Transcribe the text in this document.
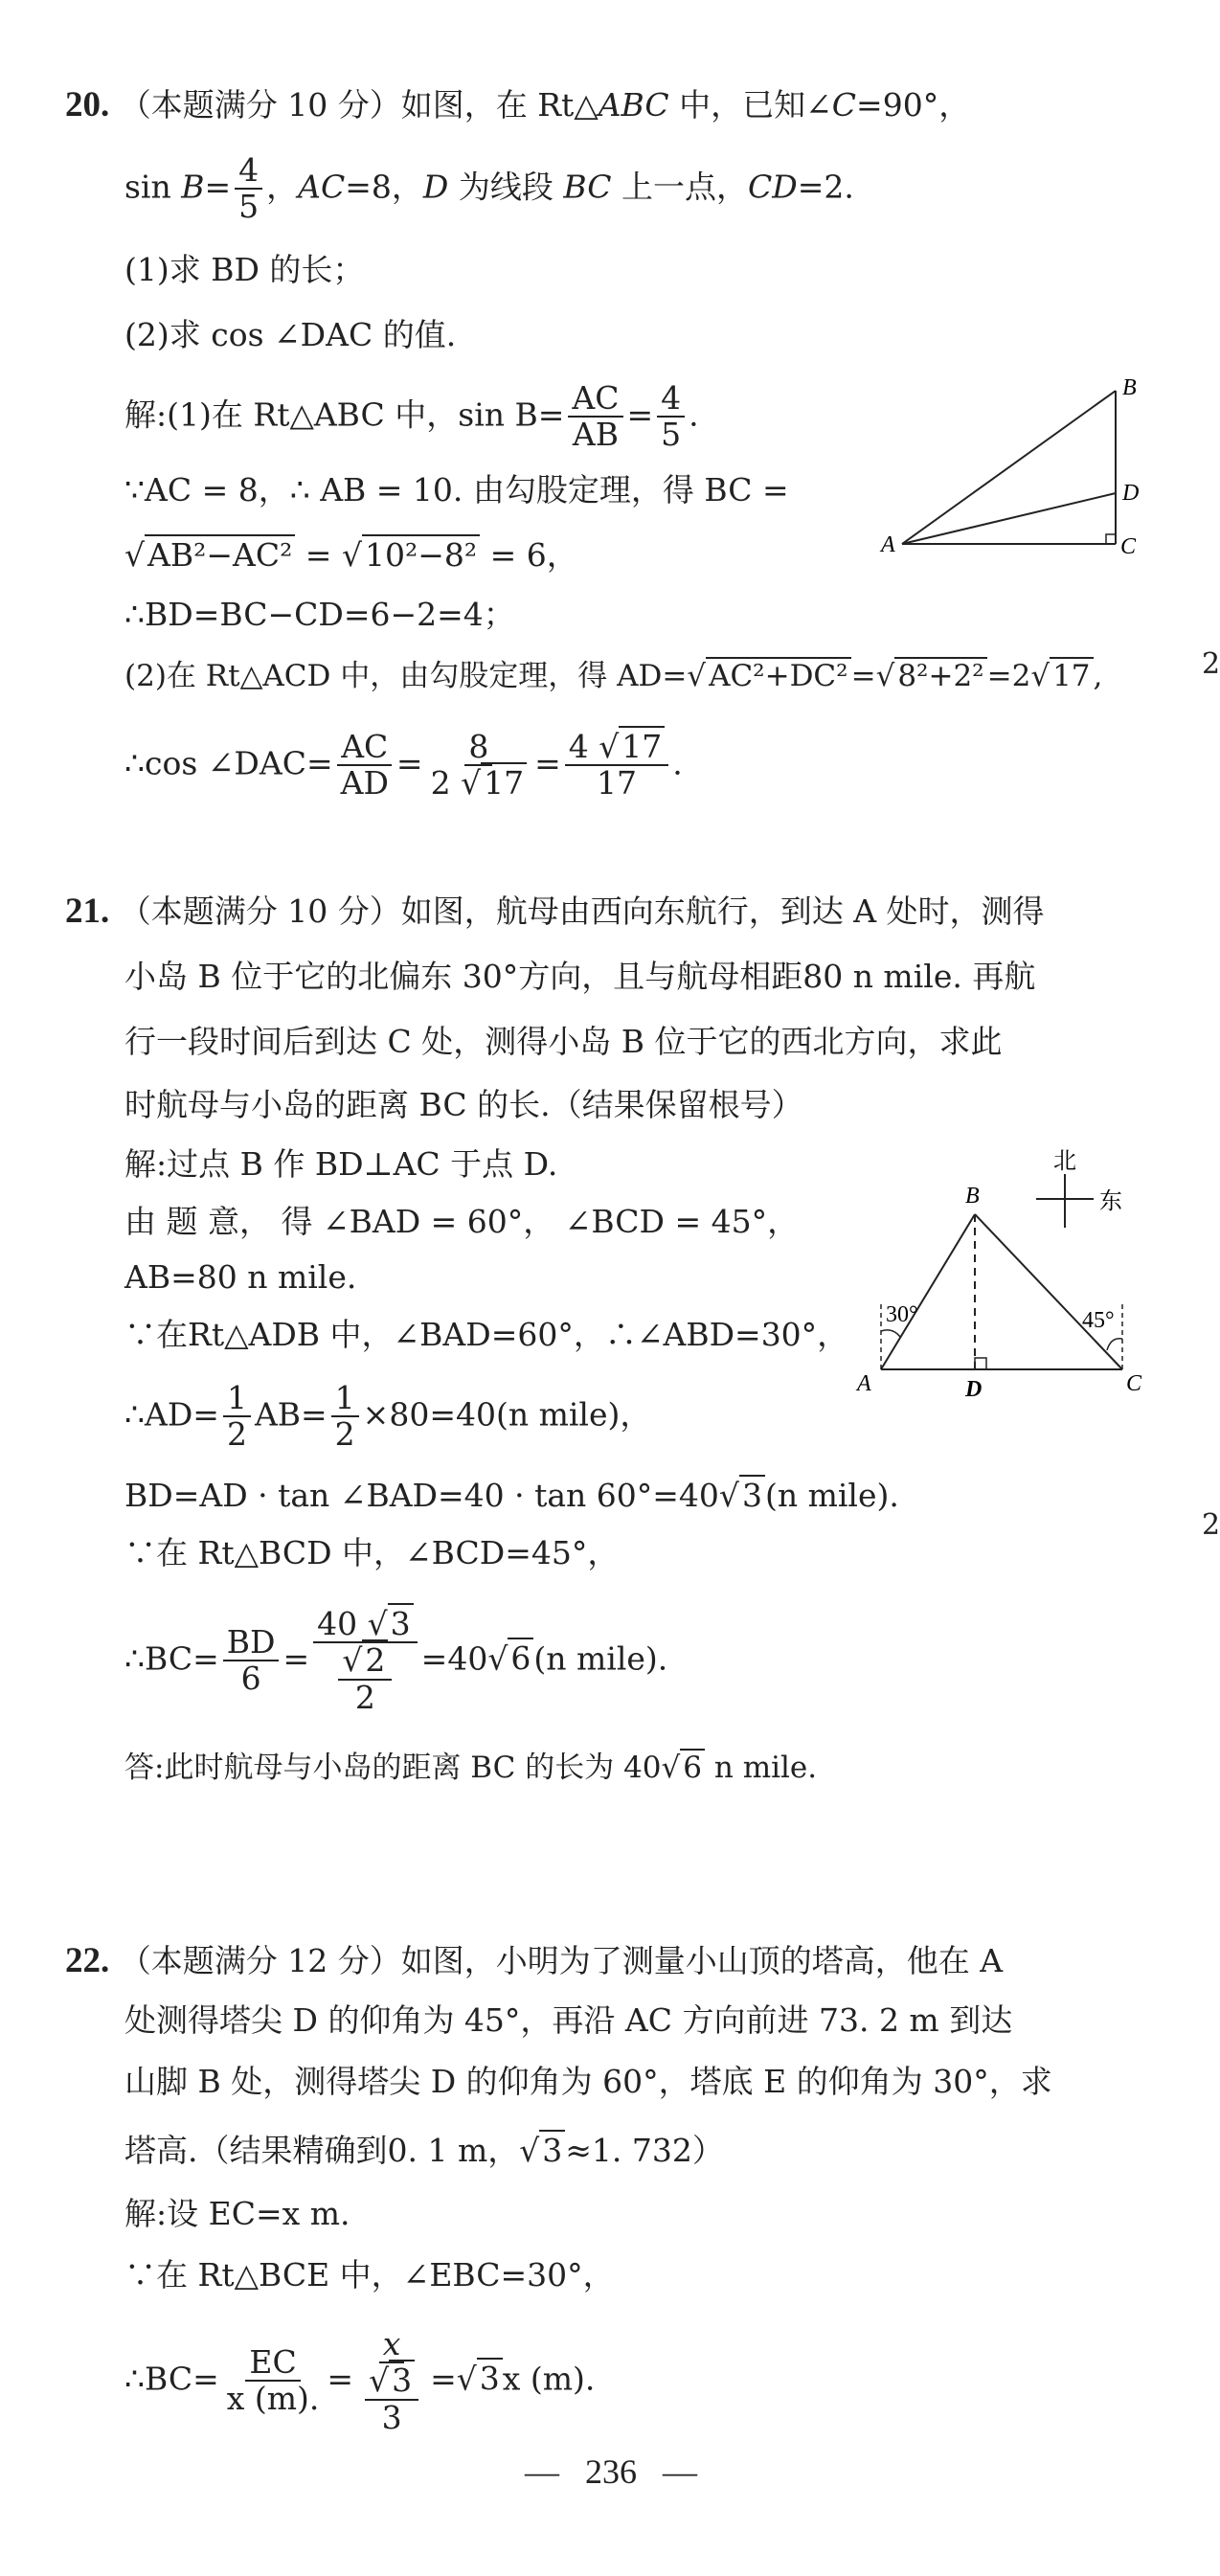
20. （本题满分 10 分）如图，在 Rt△ABC 中，已知∠C=90°，
$\sin B= \frac{4}{5}$ ，AC=8，D 为线段 BC 上一点，CD=2.
(1)求 BD 的长；
(2)求 cos ∠DAC 的值.
解:(1)在 Rt△ABC 中，$\sin B= \frac{AC}{AB} = \frac{4}{5}$ .
∵AC = 8，∴ AB = 10. 由勾股定理，得 BC =
√AB²−AC² = √10²−8² = 6，
∴BD=BC−CD=6−2=4；
(2)在 Rt△ACD 中，由勾股定理，得 AD=√AC²+DC²=√8²+2²=2√17,
∴cos ∠DAC= $\frac{AC}{AD} = \frac{8}{2 √17} = \frac{4 √17}{17}$ .
A
B
D
C
2
2
21. （本题满分 10 分）如图，航母由西向东航行，到达 A 处时，测得
小岛 B 位于它的北偏东 30°方向，且与航母相距80 n mile. 再航
行一段时间后到达 C 处，测得小岛 B 位于它的西北方向，求此
时航母与小岛的距离 BC 的长.（结果保留根号）
解:过点 B 作 BD⊥AC 于点 D.
由 题 意， 得 ∠BAD = 60°， ∠BCD = 45°，
AB=80 n mile.
∵在Rt△ADB 中，∠BAD=60°，∴∠ABD=30°，
∴AD= $\frac{1}{2} AB= \frac{1}{2} \times 80=40(n$ mile)，
BD=AD · tan ∠BAD=40 · tan 60°=40√3(n mile).
∵在 Rt△BCD 中，∠BCD=45°，
∴BC= $\frac{BD}{6} = \frac{40 √3}{\frac{√2}{2}} =40√6(n$ mile).
答:此时航母与小岛的距离 BC 的长为 40√6 n mile.
30°	45°
A
B
D	C
北
东
22. （本题满分 12 分）如图，小明为了测量小山顶的塔高，他在 A
处测得塔尖 D 的仰角为 45°，再沿 AC 方向前进 73. 2 m 到达
山脚 B 处，测得塔尖 D 的仰角为 60°，塔底 E 的仰角为 30°，求
塔高.（结果精确到0. 1 m，√3≈1. 732）
解:设 EC=x m.
∵在 Rt△BCE 中，∠EBC=30°，
∴BC= $\frac{EC}{x (m).} = \frac{x}{\frac{√3}{3}} =√3x$ (m).
— 236 —
